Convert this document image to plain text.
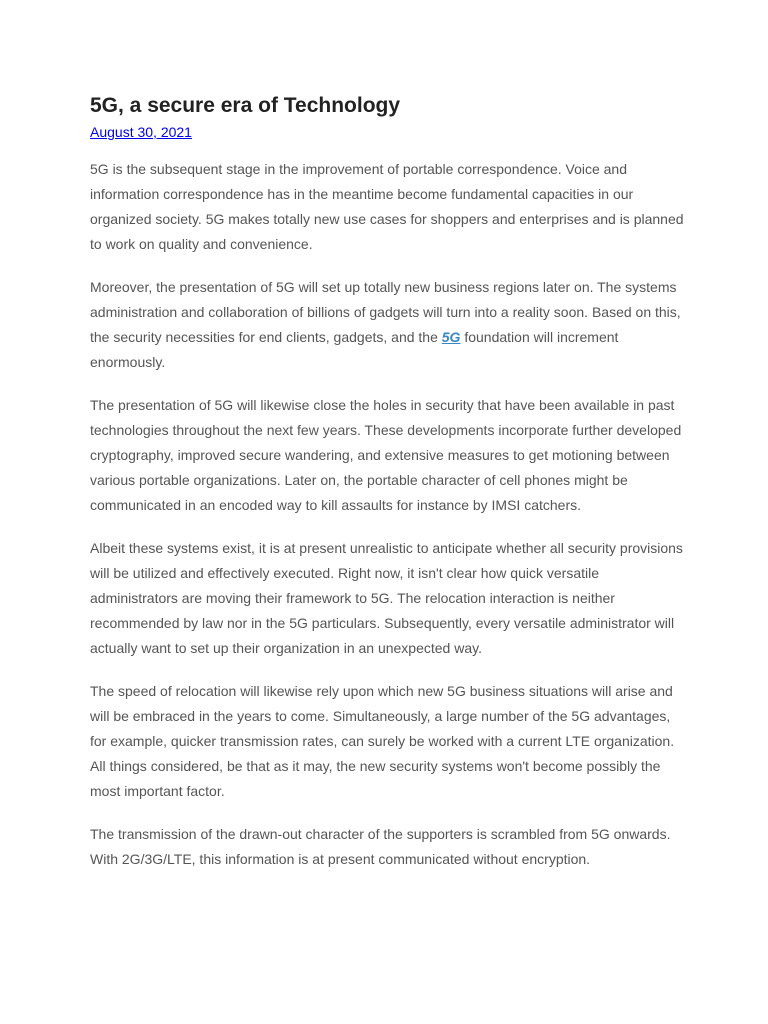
5G, a secure era of Technology
August 30, 2021

5G is the subsequent stage in the improvement of portable correspondence. Voice and information correspondence has in the meantime become fundamental capacities in our organized society. 5G makes totally new use cases for shoppers and enterprises and is planned to work on quality and convenience.

Moreover, the presentation of 5G will set up totally new business regions later on. The systems administration and collaboration of billions of gadgets will turn into a reality soon. Based on this, the security necessities for end clients, gadgets, and the 5G foundation will increment enormously.

The presentation of 5G will likewise close the holes in security that have been available in past technologies throughout the next few years. These developments incorporate further developed cryptography, improved secure wandering, and extensive measures to get motioning between various portable organizations. Later on, the portable character of cell phones might be communicated in an encoded way to kill assaults for instance by IMSI catchers.

Albeit these systems exist, it is at present unrealistic to anticipate whether all security provisions will be utilized and effectively executed. Right now, it isn't clear how quick versatile administrators are moving their framework to 5G. The relocation interaction is neither recommended by law nor in the 5G particulars. Subsequently, every versatile administrator will actually want to set up their organization in an unexpected way.

The speed of relocation will likewise rely upon which new 5G business situations will arise and will be embraced in the years to come. Simultaneously, a large number of the 5G advantages, for example, quicker transmission rates, can surely be worked with a current LTE organization. All things considered, be that as it may, the new security systems won't become possibly the most important factor.

The transmission of the drawn-out character of the supporters is scrambled from 5G onwards. With 2G/3G/LTE, this information is at present communicated without encryption.
